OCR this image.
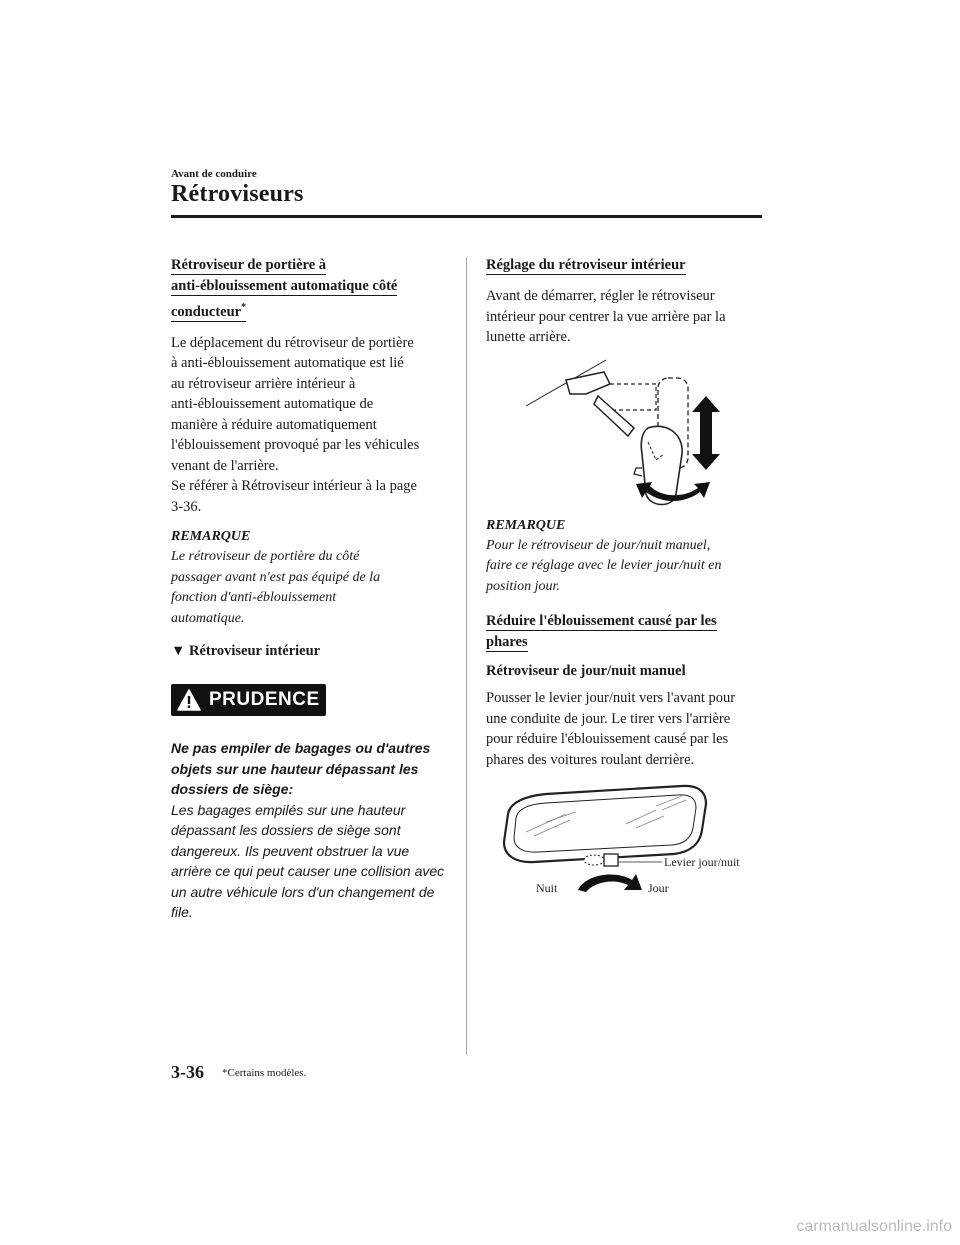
Avant de conduire
Rétroviseurs
Rétroviseur de portière à
anti-éblouissement automatique côté
conducteur*

Le déplacement du rétroviseur de portière
à anti-éblouissement automatique est lié
au rétroviseur arrière intérieur à
anti-éblouissement automatique de
manière à réduire automatiquement
l'éblouissement provoqué par les véhicules
venant de l'arrière.
Se référer à Rétroviseur intérieur à la page
3-36.

REMARQUE

Le rétroviseur de portière du côté
passager avant n'est pas équipé de la
fonction d'anti-éblouissement
automatique.

▼ Rétroviseur intérieur
PRUDENCE

Ne pas empiler de bagages ou d'autres
objets sur une hauteur dépassant les
dossiers de siège:

Les bagages empilés sur une hauteur
dépassant les dossiers de siège sont
dangereux. Ils peuvent obstruer la vue
arrière ce qui peut causer une collision avec
un autre véhicule lors d'un changement de
file.

Réglage du rétroviseur intérieur

Avant de démarrer, régler le rétroviseur
intérieur pour centrer la vue arrière par la
lunette arrière.

REMARQUE

Pour le rétroviseur de jour/nuit manuel,
faire ce réglage avec le levier jour/nuit en
position jour.

Réduire l'éblouissement causé par les
phares
Rétroviseur de jour/nuit manuel

Pousser le levier jour/nuit vers l'avant pour
une conduite de jour. Le tirer vers l'arrière
pour réduire l'éblouissement causé par les
phares des voitures roulant derrière.

Levier jour/nuit
Nuit	Jour
3-36 *Certains modèles.
carmanualsonline.info
